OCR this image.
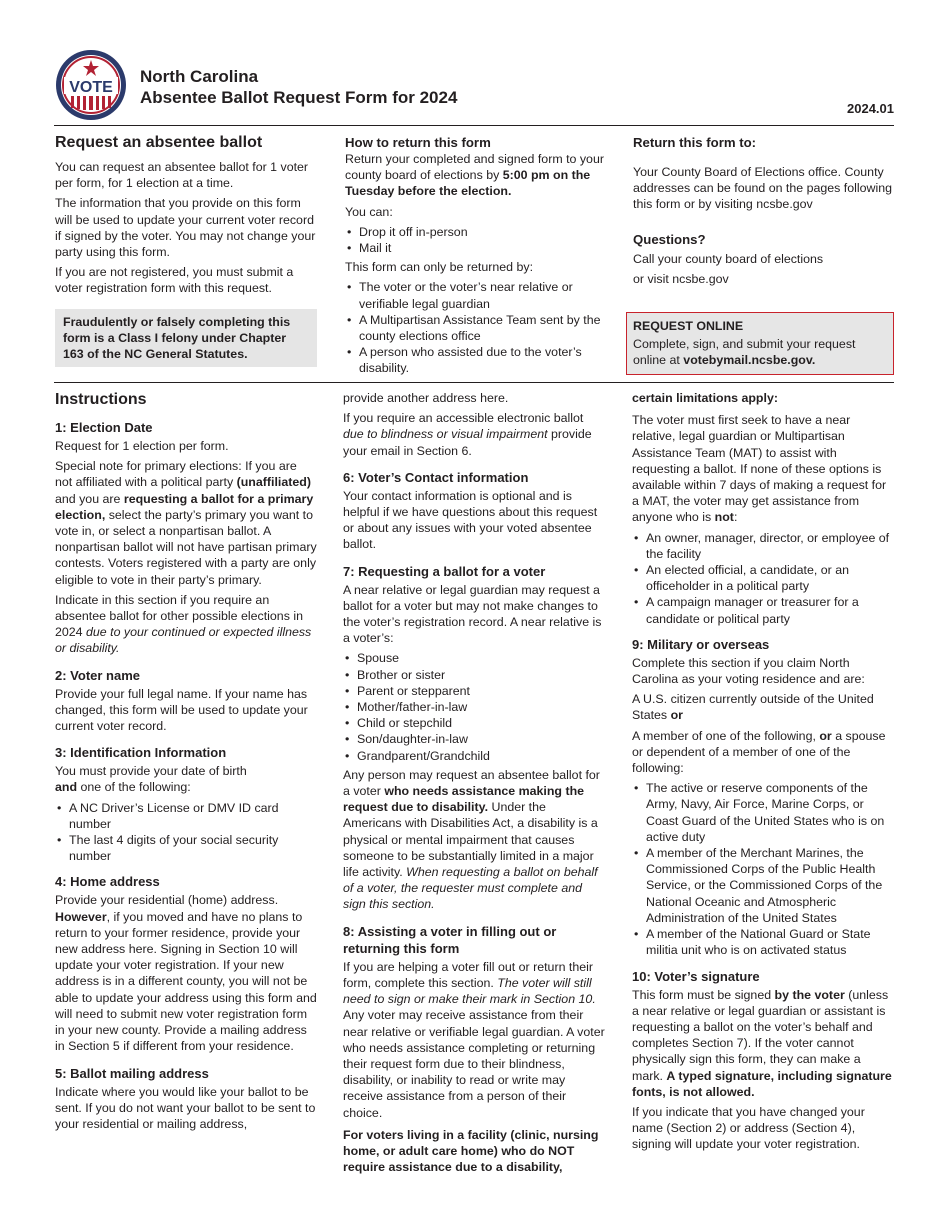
VOTE
North Carolina
Absentee Ballot Request Form for 2024
2024.01
Request an absentee ballot

You can request an absentee ballot for 1 voter per form, for 1 election at a time.

The information that you provide on this form will be used to update your current voter record if signed by the voter. You may not change your party using this form.

If you are not registered, you must submit a voter registration form with this request.

Fraudulently or falsely completing this form is a Class I felony under Chapter 163 of the NC General Statutes.
How to return this form

Return your completed and signed form to your county board of elections by 5:00 pm on the Tuesday before the election.

You can:

• Drop it off in-person
• Mail it

This form can only be returned by:

• The voter or the voter’s near relative or verifiable legal guardian
• A Multipartisan Assistance Team sent by the county elections office
• A person who assisted due to the voter’s disability.
Return this form to:

Your County Board of Elections office. County addresses can be found on the pages following this form or by visiting ncsbe.gov

Questions?

Call your county board of elections

or visit ncsbe.gov

REQUEST ONLINE
Complete, sign, and submit your request online at votebymail.ncsbe.gov.
Instructions
1: Election Date

Request for 1 election per form.

Special note for primary elections: If you are not affiliated with a political party (unaffiliated) and you are requesting a ballot for a primary election, select the party’s primary you want to vote in, or select a nonpartisan ballot. A nonpartisan ballot will not have partisan primary contests. Voters registered with a party are only eligible to vote in their party’s primary.

Indicate in this section if you require an absentee ballot for other possible elections in 2024 due to your continued or expected illness or disability.

2: Voter name

Provide your full legal name. If your name has changed, this form will be used to update your current voter record.

3: Identification Information

You must provide your date of birth
and one of the following:

• A NC Driver’s License or DMV ID card number
• The last 4 digits of your social security number
4: Home address

Provide your residential (home) address. However, if you moved and have no plans to return to your former residence, provide your new address here. Signing in Section 10 will update your voter registration. If your new address is in a different county, you will not be able to update your address using this form and will need to submit new voter registration form in your new county. Provide a mailing address in Section 5 if different from your residence.

5: Ballot mailing address

Indicate where you would like your ballot to be sent. If you do not want your ballot to be sent to your residential or mailing address,

provide another address here.

If you require an accessible electronic ballot due to blindness or visual impairment provide your email in Section 6.

6: Voter’s Contact information

Your contact information is optional and is helpful if we have questions about this request or about any issues with your voted absentee ballot.

7: Requesting a ballot for a voter

A near relative or legal guardian may request a ballot for a voter but may not make changes to the voter’s registration record. A near relative is a voter’s:

• Spouse
• Brother or sister
• Parent or stepparent
• Mother/father-in-law
• Child or stepchild
• Son/daughter-in-law
• Grandparent/Grandchild

Any person may request an absentee ballot for a voter who needs assistance making the request due to disability. Under the Americans with Disabilities Act, a disability is a physical or mental impairment that causes someone to be substantially limited in a major life activity. When requesting a ballot on behalf of a voter, the requester must complete and sign this section.

8: Assisting a voter in filling out or returning this form

If you are helping a voter fill out or return their form, complete this section. The voter will still need to sign or make their mark in Section 10. Any voter may receive assistance from their near relative or verifiable legal guardian. A voter who needs assistance completing or returning their request form due to their blindness, disability, or inability to read or write may receive assistance from a person of their choice.

For voters living in a facility (clinic, nursing home, or adult care home) who do NOT require assistance due to a disability,

certain limitations apply:

The voter must first seek to have a near relative, legal guardian or Multipartisan Assistance Team (MAT) to assist with requesting a ballot. If none of these options is available within 7 days of making a request for a MAT, the voter may get assistance from anyone who is not:

• An owner, manager, director, or employee of the facility
• An elected official, a candidate, or an officeholder in a political party
• A campaign manager or treasurer for a candidate or political party
9: Military or overseas

Complete this section if you claim North Carolina as your voting residence and are:

A U.S. citizen currently outside of the United States or

A member of one of the following, or a spouse or dependent of a member of one of the following:

• The active or reserve components of the Army, Navy, Air Force, Marine Corps, or Coast Guard of the United States who is on active duty
• A member of the Merchant Marines, the Commissioned Corps of the Public Health Service, or the Commissioned Corps of the National Oceanic and Atmospheric Administration of the United States
• A member of the National Guard or State militia unit who is on activated status
10: Voter’s signature

This form must be signed by the voter (unless a near relative or legal guardian or assistant is requesting a ballot on the voter’s behalf and completes Section 7). If the voter cannot physically sign this form, they can make a mark. A typed signature, including signature fonts, is not allowed.

If you indicate that you have changed your name (Section 2) or address (Section 4), signing will update your voter registration.
